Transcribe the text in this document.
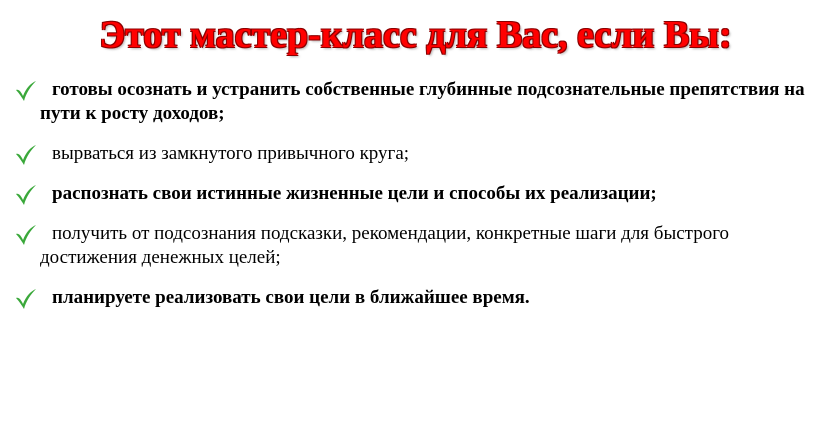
Этот мастер-класс для Вас, если Вы:
готовы осознать и устранить собственные глубинные подсознательные препятствия на пути к росту доходов;
вырваться из замкнутого привычного круга;
распознать свои истинные жизненные цели и способы их реализации;
получить от подсознания подсказки, рекомендации, конкретные шаги для быстрого достижения денежных целей;
планируете реализовать свои цели в ближайшее время.
